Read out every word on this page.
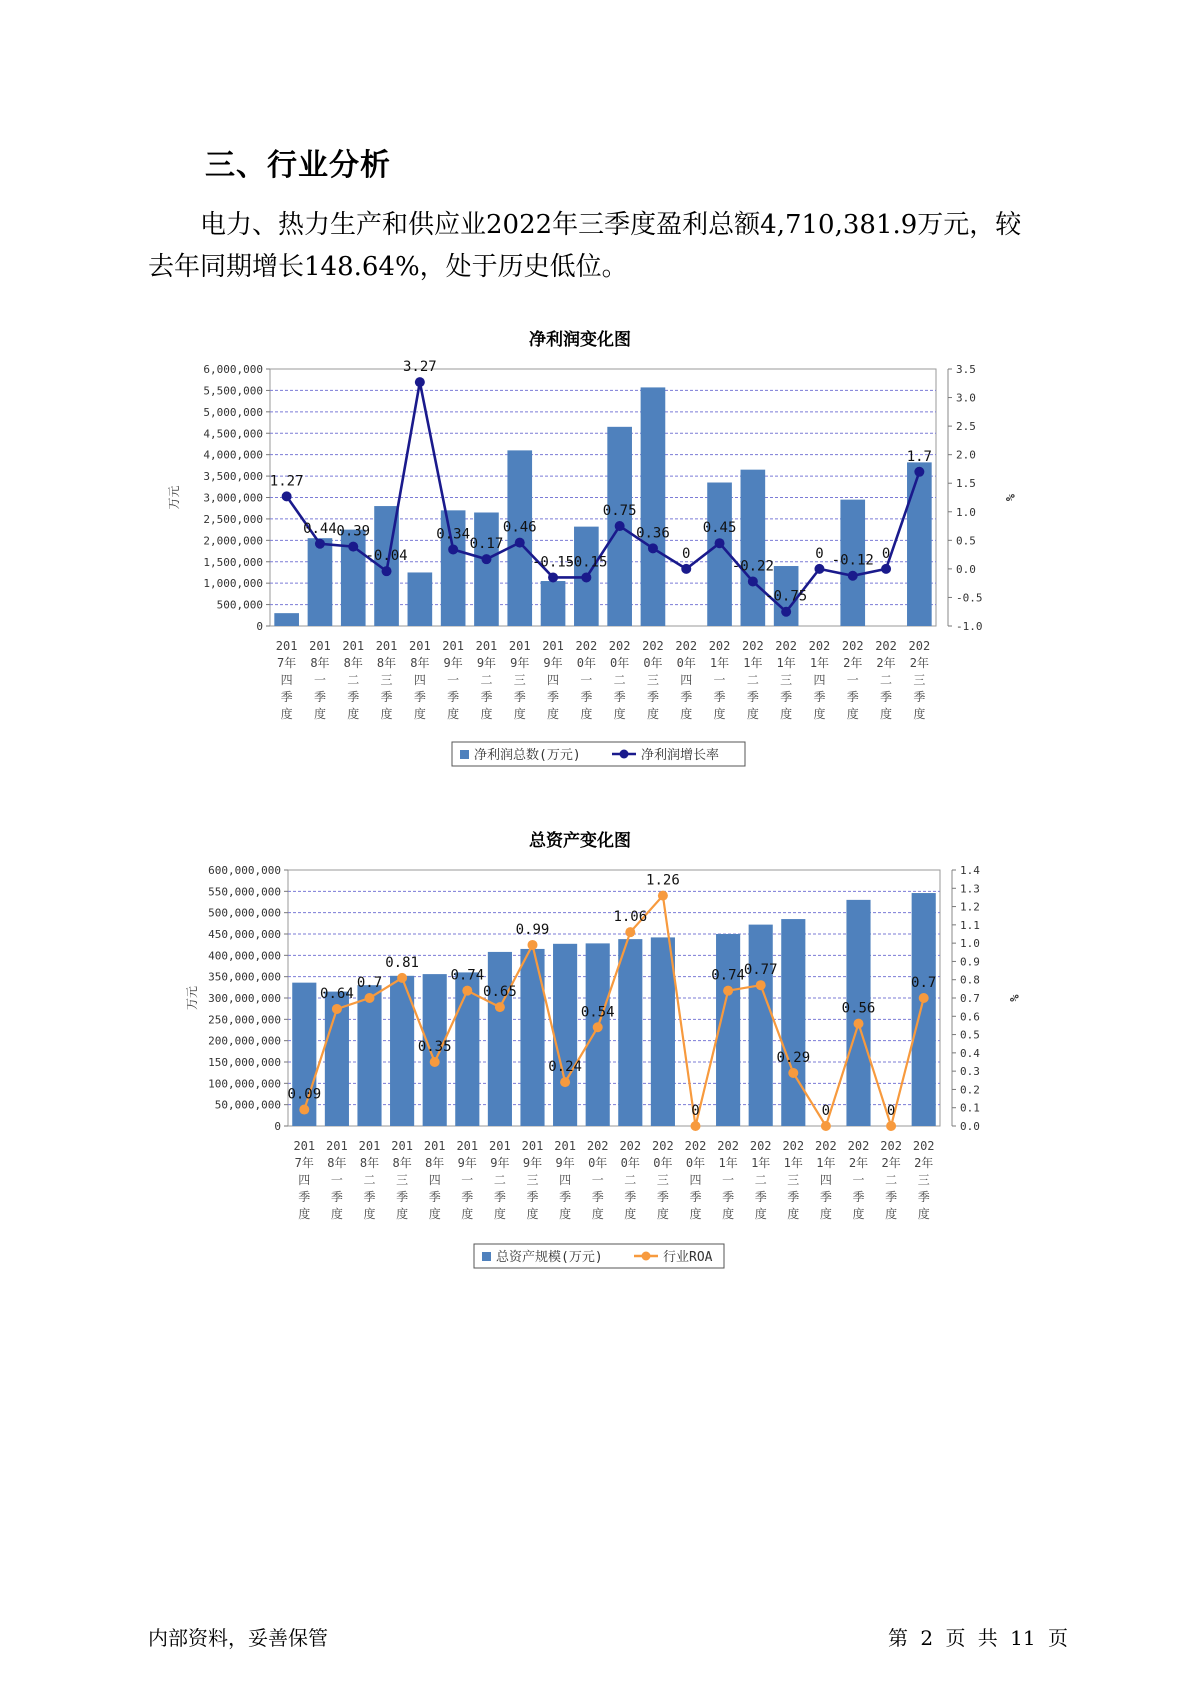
三、行业分析

电力、热力生产和供应业2022年三季度盈利总额4,710,381.9万元，较
去年同期增长148.64%，处于历史低位。

净利润变化图
0
500,000
1,000,000
1,500,000
2,000,000
2,500,000
3,000,000
3,500,000
4,000,000
4,500,000
5,000,000
5,500,000
6,000,000
万元
-1.0
-0.5
0.0
0.5
1.0
1.5
2.0
2.5
3.0
3.5
%
201
7年
四
季
度
201
8年
一
季
度
201
8年
二
季
度
201
8年
三
季
度
201
8年
四
季
度
201
9年
一
季
度
201
9年
二
季
度
201
9年
三
季
度
201
9年
四
季
度
202
0年
一
季
度
202
0年
二
季
度
202
0年
三
季
度
202
0年
四
季
度
202
1年
一
季
度
202
1年
二
季
度
202
1年
三
季
度
202
1年
四
季
度
202
2年
一
季
度
202
2年
二
季
度
202
2年
三
季
度
1.27
0.44 0.39
-0.04
3.27
0.34
0.17
0.46
-0.15
-0.15
0.75
0.36
0
0.45
-0.22
-0.75
0 -0.12 0
1.7
净利润总数(万元)	净利润增长率
总资产变化图
0
50,000,000
100,000,000
150,000,000
200,000,000
250,000,000
300,000,000
350,000,000
400,000,000
450,000,000
500,000,000
550,000,000
600,000,000
万元
0.0
0.1
0.2
0.3
0.4
0.5
0.6
0.7
0.8
0.9
1.0
1.1
1.2
1.3
1.4
%
201
7年
四
季
度
201
8年
一
季
度
201
8年
二
季
度
201
8年
三
季
度
201
8年
四
季
度
201
9年
一
季
度
201
9年
二
季
度
201
9年
三
季
度
201
9年
四
季
度
202
0年
一
季
度
202
0年
二
季
度
202
0年
三
季
度
202
0年
四
季
度
202
1年
一
季
度
202
1年
二
季
度
202
1年
三
季
度
202
1年
四
季
度
202
2年
一
季
度
202
2年
二
季
度
202
2年
三
季
度
0.09
0.64
0.7
0.81
0.35
0.74
0.65
0.99
0.24
0.54
1.06
1.26
0
0.74
0.77
0.29
0
0.56
0
0.7
总资产规模(万元)	行业ROA
内部资料，妥善保管	第 2 页 共 11 页
